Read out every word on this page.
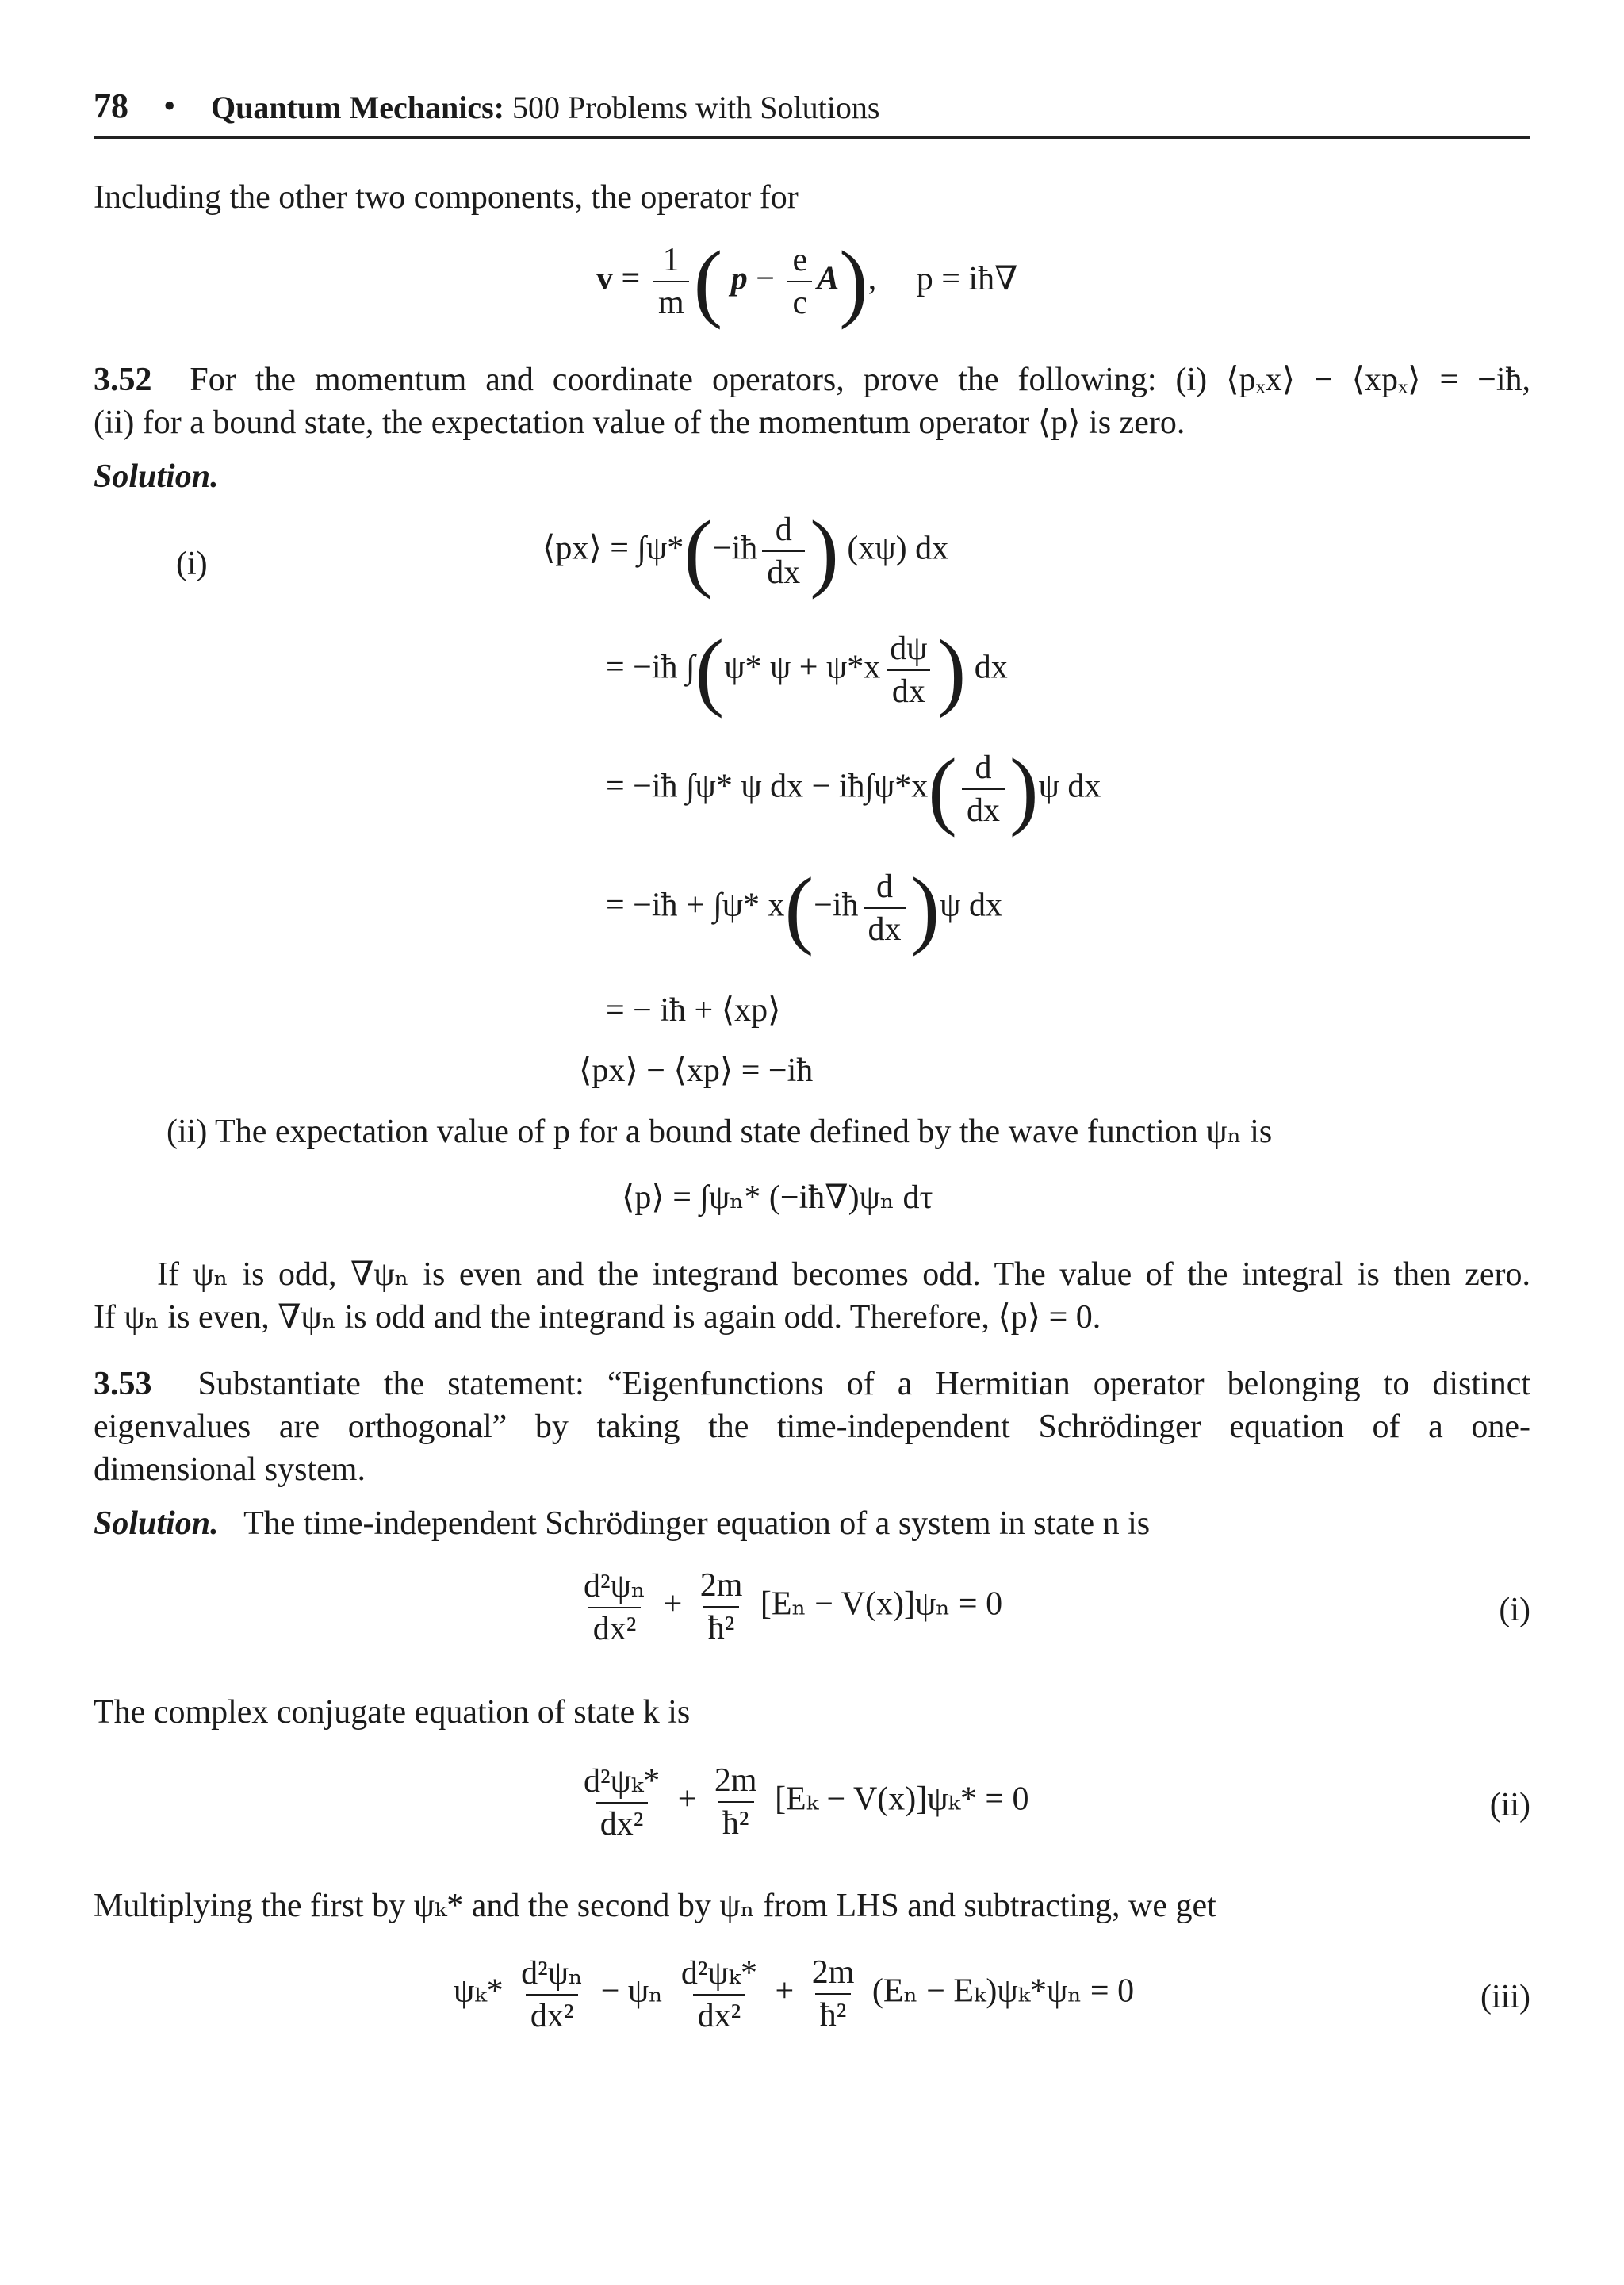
78 • Quantum Mechanics: 500 Problems with Solutions
Including the other two components, the operator for
$v = \frac{1}{m}$ ( $p - \frac{e}{c} A$), p = iħ∇
3.52 For the momentum and coordinate operators, prove the following: (i) ⟨pₓx⟩ − ⟨xpₓ⟩ = −iħ,
(ii) for a bound state, the expectation value of the momentum operator ⟨p⟩ is zero.
Solution.
(i)	⟨px⟩ = ∫ψ*(−iħ $\frac{d}{dx}$ ) (xψ) dx
= −iħ ∫(ψ* $\psi + \psi*x \frac{d\psi}{dx}$ ) dx
= −iħ ∫ψ* ψ dx − iħ∫ψ*x( $\frac{d}{dx} )\psi$ dx
= −iħ + ∫ψ* x(−iħ $\frac{d}{dx} )\psi$ dx
= − iħ + ⟨xp⟩
⟨px⟩ − ⟨xp⟩ = −iħ
(ii) The expectation value of p for a bound state defined by the wave function ψₙ is
⟨p⟩ = ∫ψₙ* (−iħ∇)ψₙ dτ
If ψₙ is odd, ∇ψₙ is even and the integrand becomes odd. The value of the integral is then zero.
If ψₙ is even, ∇ψₙ is odd and the integrand is again odd. Therefore, ⟨p⟩ = 0.
3.53 Substantiate the statement: “Eigenfunctions of a Hermitian operator belonging to distinct
eigenvalues are orthogonal” by taking the time-independent Schrödinger equation of a one-
dimensional system.
Solution. The time-independent Schrödinger equation of a system in state n is
$\frac{\text{d²ψₙ}}{\text{dx²}} + \frac{2m}{\text{ħ²}} [E_n - V(x)]\psi_n = 0$	(i)
The complex conjugate equation of state k is
$\frac{\text{d²ψₖ*}}{\text{dx²}} + \frac{2m}{\text{ħ²}} [E_k - V(x)]\psi_k* = 0$	(ii)
Multiplying the first by ψₖ* and the second by ψₙ from LHS and subtracting, we get
$\psi_k* \frac{\text{d²ψₙ}}{\text{dx²}} - \psi_n \frac{\text{d²ψₖ*}}{\text{dx²}} + \frac{2m}{\text{ħ²}} (E_n - E_k)\psi_k*\psi_n = 0$	(iii)
